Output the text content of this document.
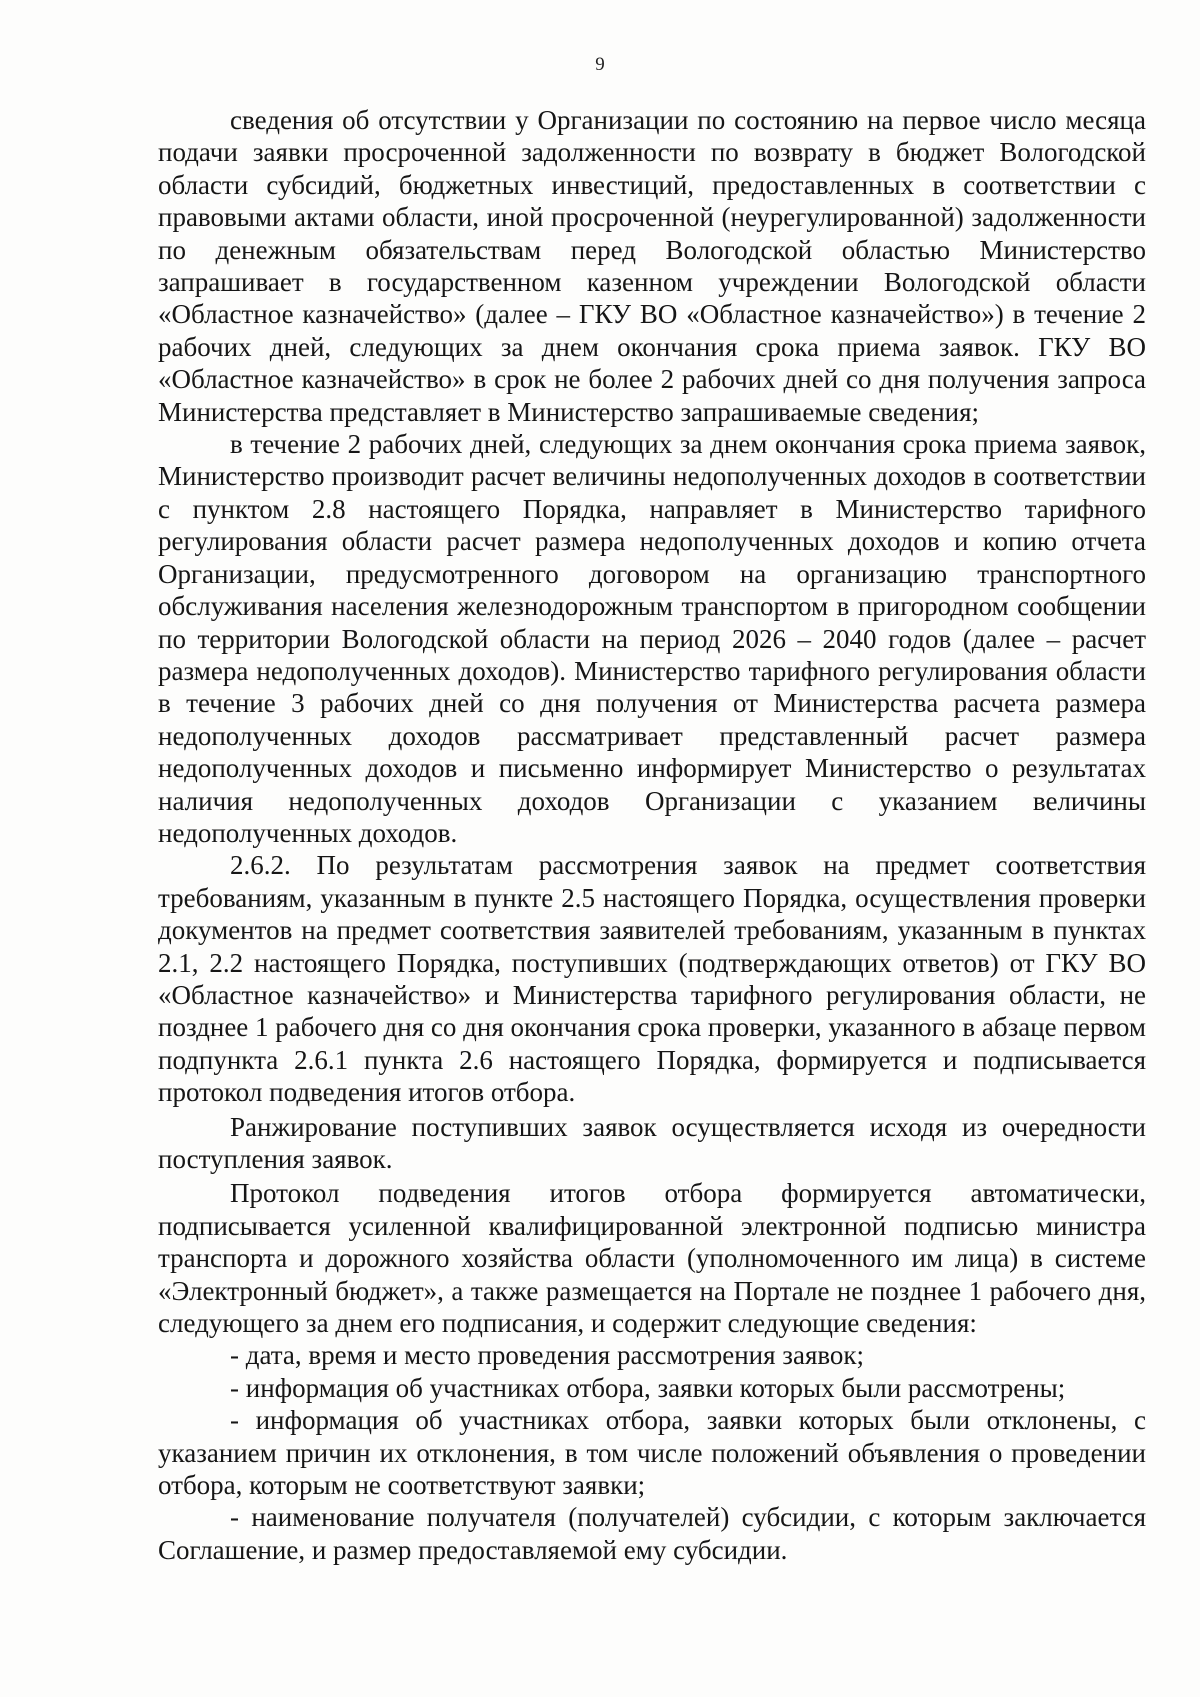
9

сведения об отсутствии у Организации по состоянию на первое число месяца подачи заявки просроченной задолженности по возврату в бюджет Вологодской области субсидий, бюджетных инвестиций, предоставленных в соответствии с правовыми актами области, иной просроченной (неурегулированной) задолженности по денежным обязательствам перед Вологодской областью Министерство запрашивает в государственном казенном учреждении Вологодской области «Областное казначейство» (далее – ГКУ ВО «Областное казначейство») в течение 2 рабочих дней, следующих за днем окончания срока приема заявок. ГКУ ВО «Областное казначейство» в срок не более 2 рабочих дней со дня получения запроса Министерства представляет в Министерство запрашиваемые сведения;

в течение 2 рабочих дней, следующих за днем окончания срока приема заявок, Министерство производит расчет величины недополученных доходов в соответствии с пунктом 2.8 настоящего Порядка, направляет в Министерство тарифного регулирования области расчет размера недополученных доходов и копию отчета Организации, предусмотренного договором на организацию транспортного обслуживания населения железнодорожным транспортом в пригородном сообщении по территории Вологодской области на период 2026 – 2040 годов (далее – расчет размера недополученных доходов). Министерство тарифного регулирования области в течение 3 рабочих дней со дня получения от Министерства расчета размера недополученных доходов рассматривает представленный расчет размера недополученных доходов и письменно информирует Министерство о результатах наличия недополученных доходов Организации с указанием величины недополученных доходов.

2.6.2. По результатам рассмотрения заявок на предмет соответствия требованиям, указанным в пункте 2.5 настоящего Порядка, осуществления проверки документов на предмет соответствия заявителей требованиям, указанным в пунктах 2.1, 2.2 настоящего Порядка, поступивших (подтверждающих ответов) от ГКУ ВО «Областное казначейство» и Министерства тарифного регулирования области, не позднее 1 рабочего дня со дня окончания срока проверки, указанного в абзаце первом подпункта 2.6.1 пункта 2.6 настоящего Порядка, формируется и подписывается протокол подведения итогов отбора.

Ранжирование поступивших заявок осуществляется исходя из очередности поступления заявок.

Протокол подведения итогов отбора формируется автоматически, подписывается усиленной квалифицированной электронной подписью министра транспорта и дорожного хозяйства области (уполномоченного им лица) в системе «Электронный бюджет», а также размещается на Портале не позднее 1 рабочего дня, следующего за днем его подписания, и содержит следующие сведения:

- дата, время и место проведения рассмотрения заявок;

- информация об участниках отбора, заявки которых были рассмотрены;

- информация об участниках отбора, заявки которых были отклонены, с указанием причин их отклонения, в том числе положений объявления о проведении отбора, которым не соответствуют заявки;

- наименование получателя (получателей) субсидии, с которым заключается Соглашение, и размер предоставляемой ему субсидии.
